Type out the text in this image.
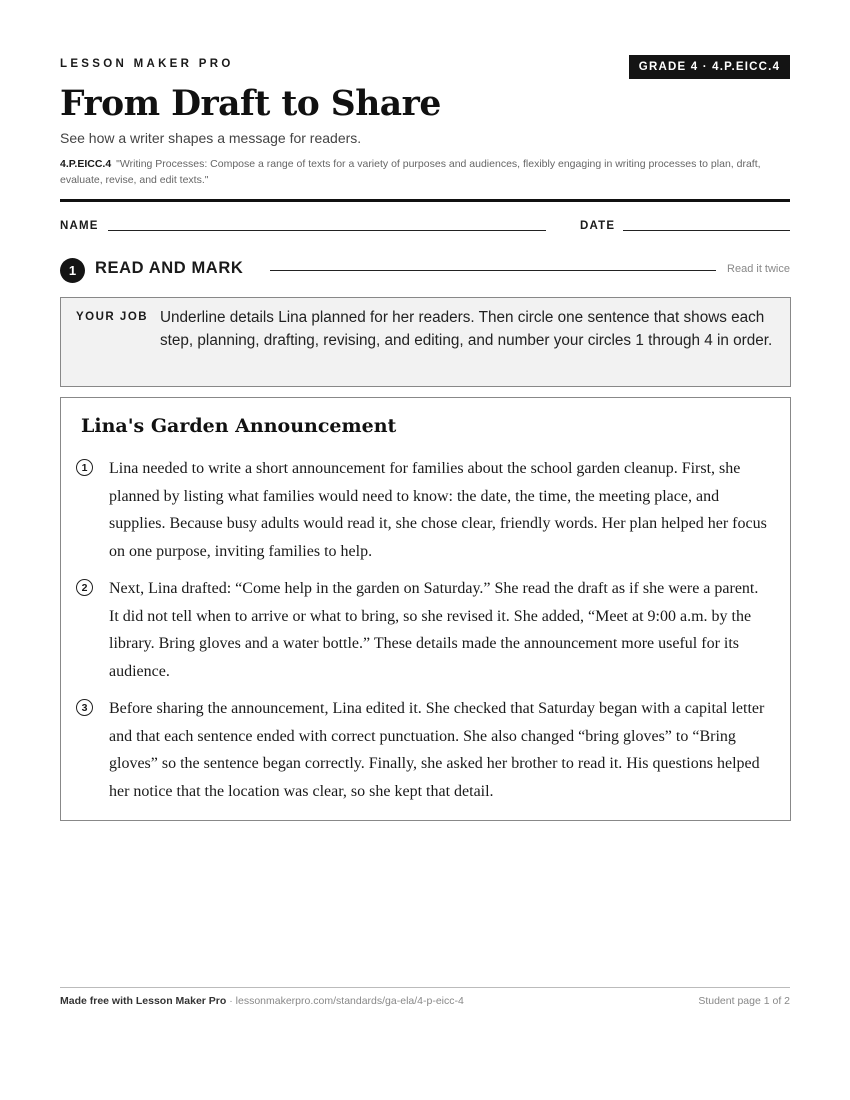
LESSON MAKER PRO	GRADE 4 · 4.P.EICC.4
From Draft to Share
See how a writer shapes a message for readers.
4.P.EICC.4 "Writing Processes: Compose a range of texts for a variety of purposes and audiences, flexibly engaging in writing processes to plan, draft, evaluate, revise, and edit texts."
NAME	DATE
1	READ AND MARK	Read it twice
YOUR JOB Underline details Lina planned for her readers. Then circle one sentence that shows each step, planning, drafting, revising, and editing, and number your circles 1 through 4 in order.
Lina's Garden Announcement
1	Lina needed to write a short announcement for families about the school garden cleanup. First, she planned by listing what families would need to know: the date, the time, the meeting place, and supplies. Because busy adults would read it, she chose clear, friendly words. Her plan helped her focus on one purpose, inviting families to help.
2	Next, Lina drafted: “Come help in the garden on Saturday.” She read the draft as if she were a parent. It did not tell when to arrive or what to bring, so she revised it. She added, “Meet at 9:00 a.m. by the library. Bring gloves and a water bottle.” These details made the announcement more useful for its audience.
3	Before sharing the announcement, Lina edited it. She checked that Saturday began with a capital letter and that each sentence ended with correct punctuation. She also changed “bring gloves” to “Bring gloves” so the sentence began correctly. Finally, she asked her brother to read it. His questions helped her notice that the location was clear, so she kept that detail.
Made free with Lesson Maker Pro · lessonmakerpro.com/standards/ga-ela/4-p-eicc-4	Student page 1 of 2
